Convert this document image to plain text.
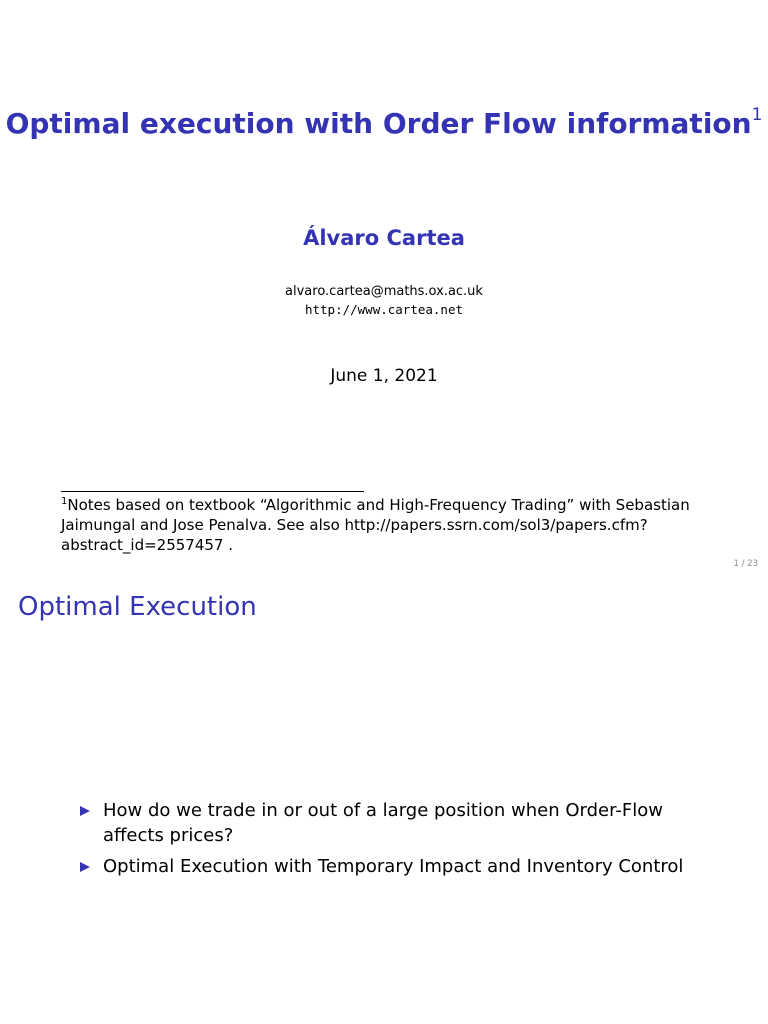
Optimal execution with Order Flow information$^1$
Álvaro Cartea
alvaro.cartea@maths.ox.ac.uk
http://www.cartea.net
June 1, 2021
$^1$Notes based on textbook “Algorithmic and High-Frequency Trading” with Sebastian Jaimungal and Jose Penalva. See also http://papers.ssrn.com/sol3/papers.cfm?abstract_id=2557457 .
1 / 23
Optimal Execution
How do we trade in or out of a large position when Order-Flow affects prices?
Optimal Execution with Temporary Impact and Inventory Control
